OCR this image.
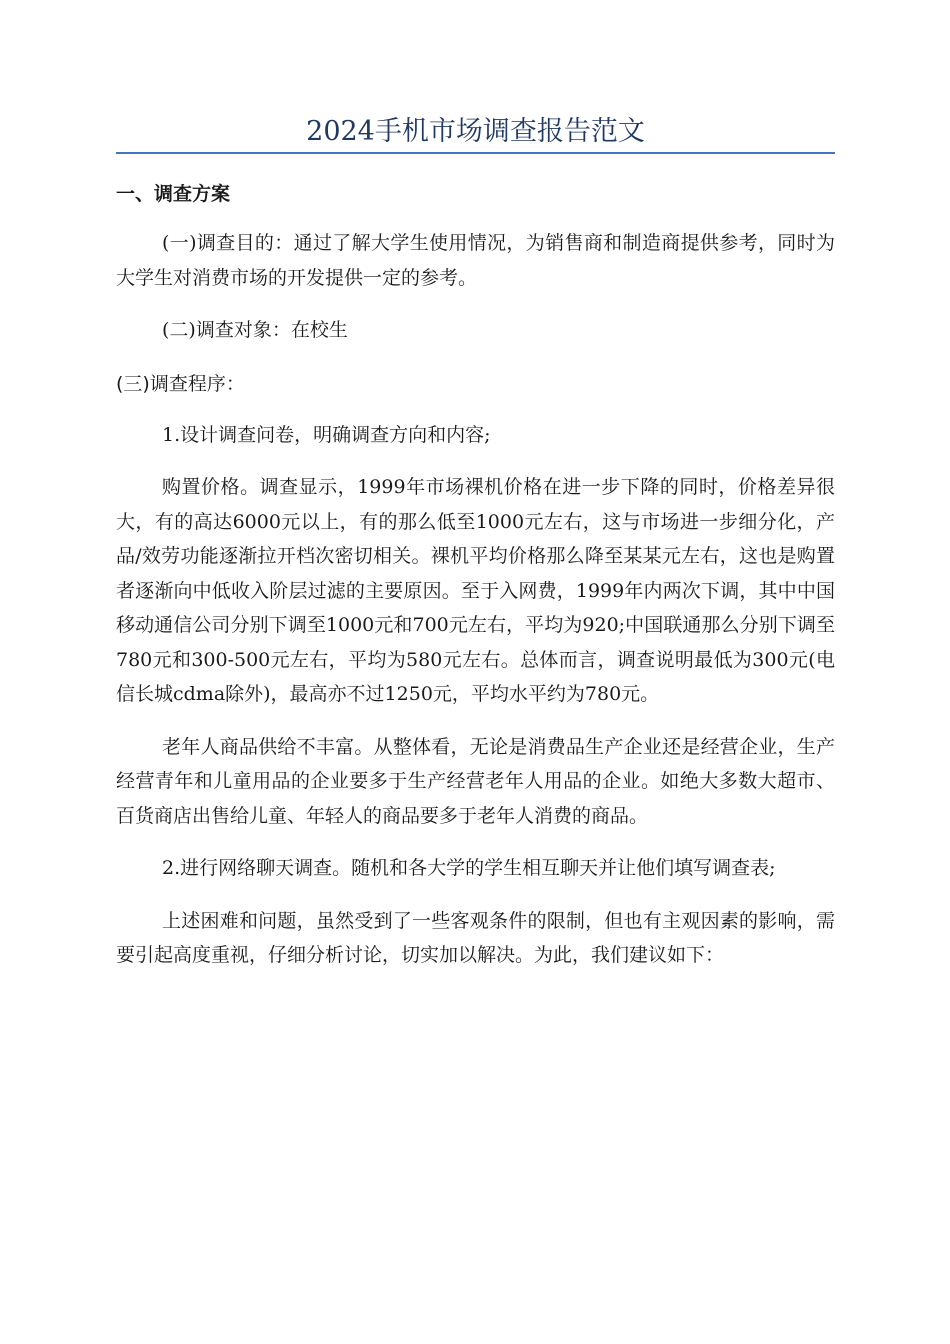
2024手机市场调查报告范文
一、调查方案

(一)调查目的：通过了解大学生使用情况，为销售商和制造商提供参考，同时为大学生对消费市场的开发提供一定的参考。

(二)调查对象：在校生

(三)调查程序：

1.设计调查问卷，明确调查方向和内容;

购置价格。调查显示，1999年市场裸机价格在进一步下降的同时，价格差异很大，有的高达6000元以上，有的那么低至1000元左右，这与市场进一步细分化，产品/效劳功能逐渐拉开档次密切相关。裸机平均价格那么降至某某元左右，这也是购置者逐渐向中低收入阶层过滤的主要原因。至于入网费，1999年内两次下调，其中中国移动通信公司分别下调至1000元和700元左右，平均为920;中国联通那么分别下调至780元和300-500元左右，平均为580元左右。总体而言，调查说明最低为300元(电信长城cdma除外)，最高亦不过1250元，平均水平约为780元。

老年人商品供给不丰富。从整体看，无论是消费品生产企业还是经营企业，生产经营青年和儿童用品的企业要多于生产经营老年人用品的企业。如绝大多数大超市、百货商店出售给儿童、年轻人的商品要多于老年人消费的商品。

2.进行网络聊天调查。随机和各大学的学生相互聊天并让他们填写调查表;

上述困难和问题，虽然受到了一些客观条件的限制，但也有主观因素的影响，需要引起高度重视，仔细分析讨论，切实加以解决。为此，我们建议如下：
